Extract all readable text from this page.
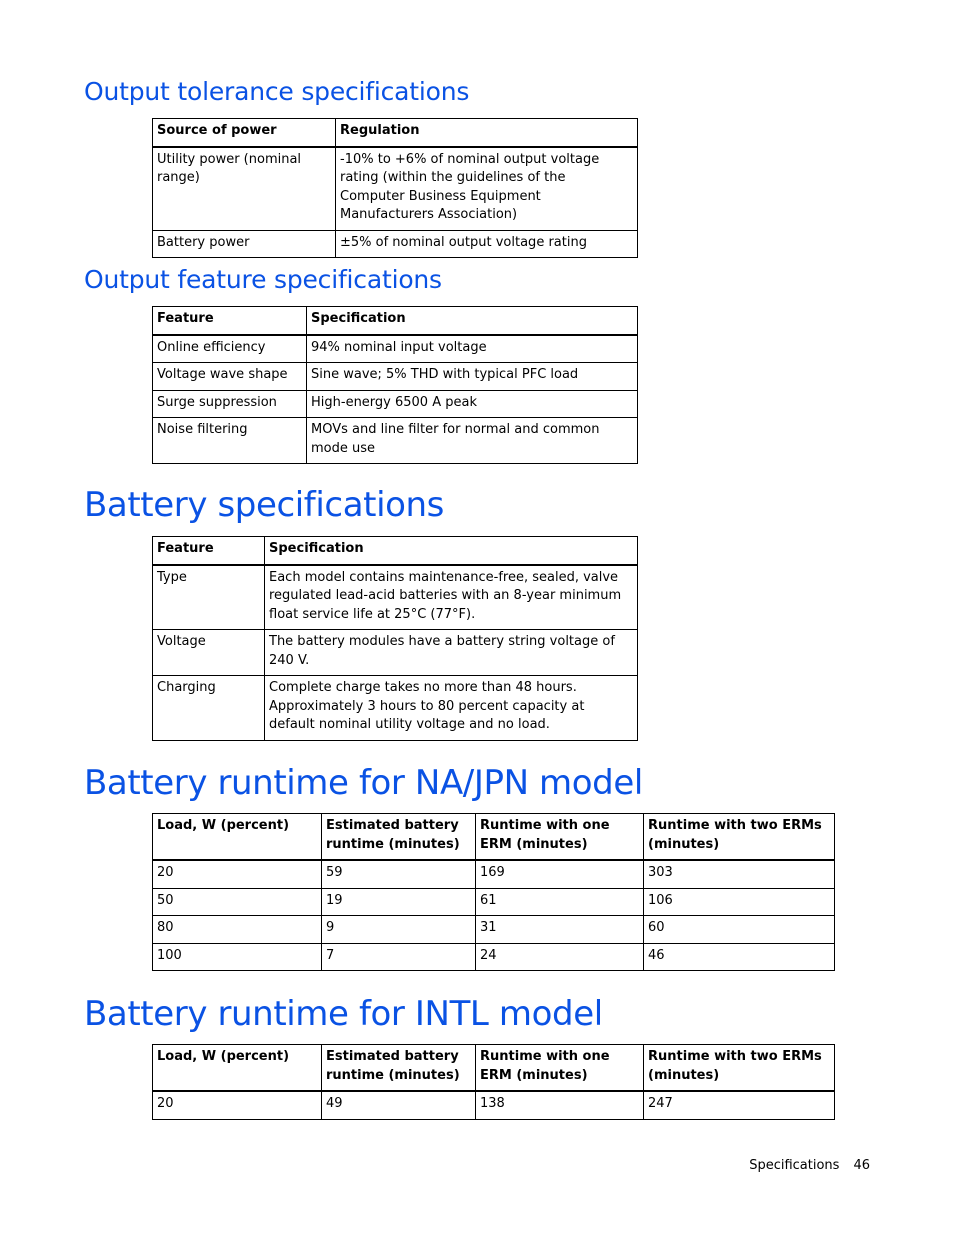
Output tolerance specifications
Source of power	Regulation
Utility power (nominal range)	-10% to +6% of nominal output voltage rating (within the guidelines of the Computer Business Equipment Manufacturers Association)
Battery power	±5% of nominal output voltage rating
Output feature specifications
Feature	Specification
Online efficiency	94% nominal input voltage
Voltage wave shape	Sine wave; 5% THD with typical PFC load
Surge suppression	High-energy 6500 A peak
Noise filtering	MOVs and line filter for normal and common mode use
Battery specifications
Feature	Specification
Type	Each model contains maintenance-free, sealed, valve regulated lead-acid batteries with an 8-year minimum float service life at 25°C (77°F).
Voltage	The battery modules have a battery string voltage of 240 V.
Charging	Complete charge takes no more than 48 hours. Approximately 3 hours to 80 percent capacity at default nominal utility voltage and no load.
Battery runtime for NA/JPN model
Load, W (percent)	Estimated battery runtime (minutes)	Runtime with one ERM (minutes)	Runtime with two ERMs (minutes)
20	59	169	303
50	19	61	106
80	9	31	60
100	7	24	46
Battery runtime for INTL model
Load, W (percent)	Estimated battery runtime (minutes)	Runtime with one ERM (minutes)	Runtime with two ERMs (minutes)
20	49	138	247
Specifications 46
